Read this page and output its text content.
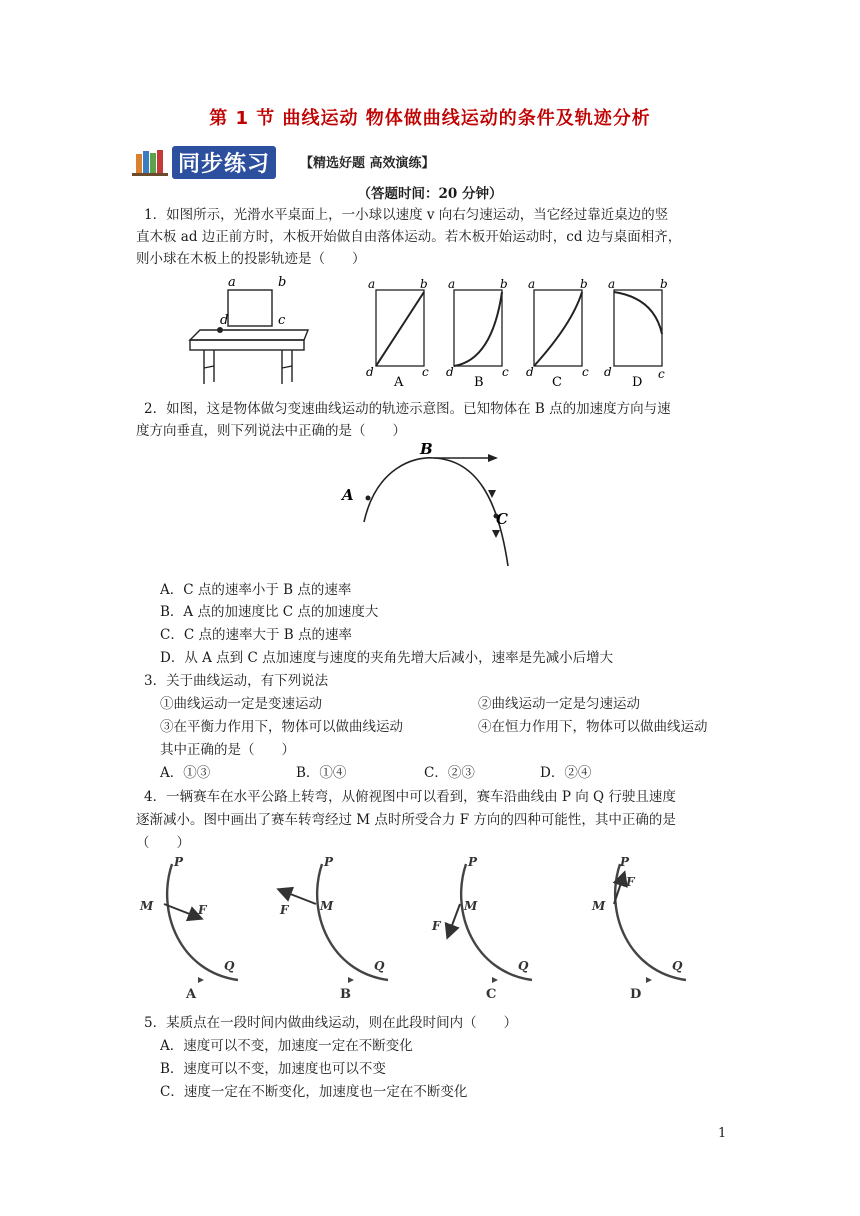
第 1 节 曲线运动 物体做曲线运动的条件及轨迹分析
同步练习	【精选好题 高效演练】
（答题时间：20 分钟）
1．如图所示，光滑水平桌面上，一小球以速度 v 向右匀速运动，当它经过靠近桌边的竖
直木板 ad 边正前方时，木板开始做自由落体运动。若木板开始运动时，cd 边与桌面相齐，
则小球在木板上的投影轨迹是（　　）
a	b
c
d
a	b
d	c
a	b
d	c
a	b
d	c
a	b
d	c
A	B	C	D
2．如图，这是物体做匀变速曲线运动的轨迹示意图。已知物体在 B 点的加速度方向与速
度方向垂直，则下列说法中正确的是（　　）
A
B
C
A．C 点的速率小于 B 点的速率
B．A 点的加速度比 C 点的加速度大
C．C 点的速率大于 B 点的速率
D．从 A 点到 C 点加速度与速度的夹角先增大后减小，速率是先减小后增大
3．关于曲线运动，有下列说法
①曲线运动一定是变速运动	②曲线运动一定是匀速运动
③在平衡力作用下，物体可以做曲线运动	④在恒力作用下，物体可以做曲线运动
其中正确的是（　　）
A．①③	B．①④	C．②③	D．②④
4．一辆赛车在水平公路上转弯，从俯视图中可以看到，赛车沿曲线由 P 向 Q 行驶且速度
逐渐减小。图中画出了赛车转弯经过 M 点时所受合力 F 方向的四种可能性，其中正确的是
（　　）
P
M	F
Q
P
M
F
Q
P
M
F
Q
P
M
F
Q
A	B	C	D
5．某质点在一段时间内做曲线运动，则在此段时间内（　　）
A．速度可以不变，加速度一定在不断变化
B．速度可以不变，加速度也可以不变
C．速度一定在不断变化，加速度也一定在不断变化
1
